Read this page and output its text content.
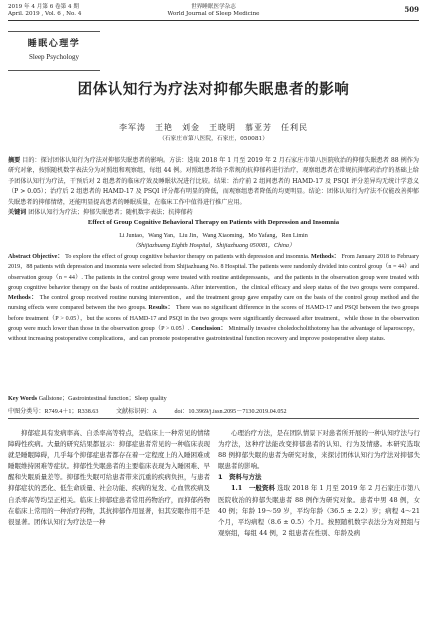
2019 年 4 月第 6 卷第 4 期
April. 2019 , Vol. 6 , No. 4
世界睡眠医学杂志
World Journal of Sleep Medicine	509
睡眠心理学
Sleep Psychology
团体认知行为疗法对抑郁失眠患者的影响
李军涛　王艳　刘金　王晓明　慕亚芳　任利民
（石家庄市第八医院，石家庄，050081）
摘要 目的：探讨团体认知行为疗法对抑郁失眠患者的影响。方法：选取 2018 年 1 月至 2019 年 2 月石家庄市第八医院收治的抑郁失眠患者 88 例作为研究对象，按照随机数字表法分为对照组和观察组，每组 44 例。对照组患者给予常规的抗抑郁药进行治疗，观察组患者在常规抗抑郁药治疗的基础上给予团体认知行为疗法，干预后对 2 组患者的临床疗效及睡眠状况进行比较。结果：治疗前 2 组间患者的 HAMD-17 及 PSQI 评分差异均无统计学意义（P > 0.05）；治疗后 2 组患者的 HAMD-17 及 PSQI 评分都有明显的降低，而观察组患者降低的均更明显。结论：团体认知行为疗法不仅能改善抑郁失眠患者的抑郁情绪，还能明显提高患者的睡眠质量，在临床工作中值得进行推广应用。
关键词 团体认知行为疗法；抑郁失眠患者；随机数字表法；抗抑郁药
Effect of Group Cognitive Behavioral Therapy on Patients with Depression and Insomnia
Li Juntao，Wang Yan，Liu Jin，Wang Xiaoming，Mo Yafang，Ren Limin
（Shijiazhuang Eighth Hospital，Shijiazhuang 050081，China）
Abstract Objective： To explore the effect of group cognitive behavior therapy on patients with depression and insomnia. Methods： From January 2018 to February 2019，88 patients with depression and insomnia were selected from Shijiazhuang No. 8 Hospital. The patients were randomly divided into control group（n = 44）and observation group（n = 44）. The patients in the control group were treated with routine antidepressants，and the patients in the observation group were treated with group cognitive behavior therapy on the basis of routine antidepressants. After intervention，the clinical efficacy and sleep status of the two groups were compared. Methods： The control group received routine nursing intervention，and the treatment group gave empathy care on the basis of the control group method and the nursing effects were compared between the two groups. Results： There was no significant difference in the scores of HAMD-17 and PSQI between the two groups before treatment（P > 0.05），but the scores of HAMD-17 and PSQI in the two groups were significantly decreased after treatment，while those in the observation group were much lower than those in the observation group（P > 0.05）. Conclusion： Minimally invasive choledocholithotomy has the advantage of laparoscopy，without increasing postoperative complications，and can promote postoperative gastrointestinal function recovery and improve postoperative sleep status.
Key Words Gallstone；Gastrointestinal function；Sleep quality
中图分类号：R749.4＋1；R338.63	文献标识码：A	doi：10.3969/j.issn.2095－7130.2019.04.052

抑郁症具有发病率高、自杀率高等特点，是临床上一种常见的情绪障碍性疾病。大量的研究结果都显示：抑郁症患者常见的一种临床表现就是睡眠障碍，几乎每个抑郁症患者都存在着一定程度上的入睡困难或睡眠维持困难等症状。抑郁性失眠患者的主要临床表现为入睡困难、早醒和失眠质量差等。抑郁性失眠可给患者带来沉重的疾病负担，与患者抑郁症状的恶化、低生命质量、社会功能、疾病的复发、心血管疾病及自杀率高等均呈正相关。临床上抑郁症患者常用药物治疗，而抑郁药物在临床上常用的一种治疗药物，其抗抑郁作用显著，但其安眠作用不是很显著。团体认知行为疗法是一种

心理治疗方法，是在团队情景下对患者所开展的一种认知疗法与行为疗法，这种疗法能改变抑郁患者的认知、行为及情感。本研究选取 88 例抑郁失眠的患者为研究对象，来探讨团体认知行为疗法对抑郁失眠患者的影响。

1　资料与方法

1.1　一般资料 选取 2018 年 1 月至 2019 年 2 月石家庄市第八医院收治的抑郁失眠患者 88 例作为研究对象。患者中男 48 例，女 40 例；年龄 19～59 岁，平均年龄（36.5 ± 2.2）岁；病程 4～21 个月，平均病程（8.6 ± 0.5）个月。按照随机数字表法分为对照组与观察组，每组 44 例，2 组患者在性别、年龄及病
